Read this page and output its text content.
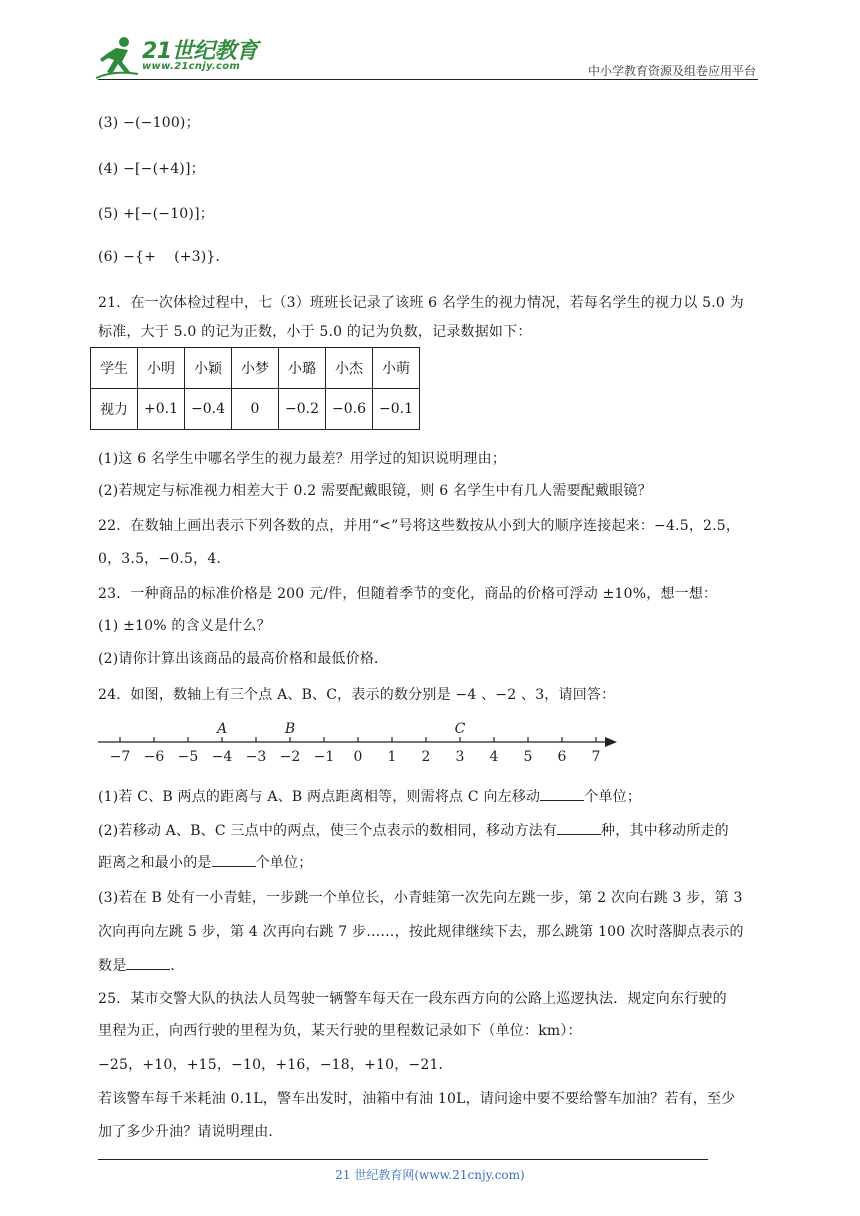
21世纪教育
www.21cnjy.com	中小学教育资源及组卷应用平台
(3) −(−100)；
(4) −[−(+4)]；
(5) +[−(−10)]；
(6) −{+ (+3)}．
21．在一次体检过程中，七（3）班班长记录了该班 6 名学生的视力情况，若每名学生的视力以 5.0 为
标准，大于 5.0 的记为正数，小于 5.0 的记为负数，记录数据如下：
学生	小明	小颖	小梦	小璐	小杰	小萌
视力	+0.1	−0.4	0	−0.2	−0.6	−0.1
(1)这 6 名学生中哪名学生的视力最差？用学过的知识说明理由；
(2)若规定与标准视力相差大于 0.2 需要配戴眼镜，则 6 名学生中有几人需要配戴眼镜？
22．在数轴上画出表示下列各数的点，并用“<”号将这些数按从小到大的顺序连接起来：−4.5，2.5，
0，3.5，−0.5，4．
23．一种商品的标准价格是 200 元/件，但随着季节的变化，商品的价格可浮动 ±10%，想一想：
(1) ±10% 的含义是什么？
(2)请你计算出该商品的最高价格和最低价格．
24．如图，数轴上有三个点 A、B、C，表示的数分别是 −4 、−2 、3，请回答：
−7 −6 −5 −4 −3 −2 −1 0 1 2 3 4 5 6 7
A	B	C
(1)若 C、B 两点的距离与 A、B 两点距离相等，则需将点 C 向左移动	个单位；
(2)若移动 A、B、C 三点中的两点，使三个点表示的数相同，移动方法有	种，其中移动所走的
距离之和最小的是	个单位；
(3)若在 B 处有一小青蛙，一步跳一个单位长，小青蛙第一次先向左跳一步，第 2 次向右跳 3 步，第 3
次向再向左跳 5 步，第 4 次再向右跳 7 步……，按此规律继续下去，那么跳第 100 次时落脚点表示的
数是	．
25．某市交警大队的执法人员驾驶一辆警车每天在一段东西方向的公路上巡逻执法．规定向东行驶的
里程为正，向西行驶的里程为负，某天行驶的里程数记录如下（单位：km）：
−25，+10，+15，−10，+16，−18，+10，−21．
若该警车每千米耗油 0.1L，警车出发时，油箱中有油 10L，请问途中要不要给警车加油？若有，至少
加了多少升油？请说明理由．
21 世纪教育网(www.21cnjy.com)
